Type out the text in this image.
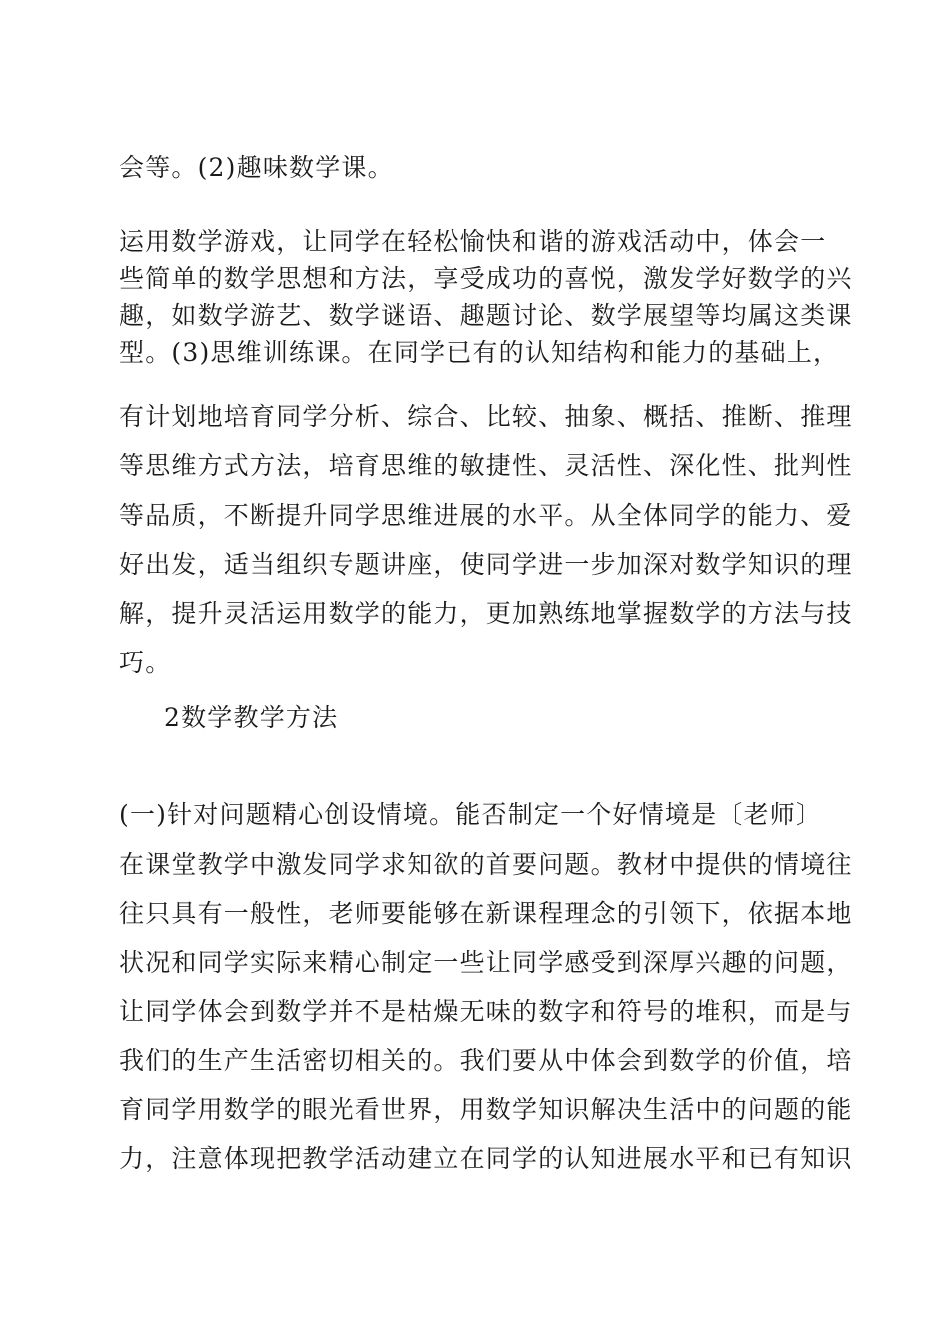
会等。(2)趣味数学课。
运用数学游戏，让同学在轻松愉快和谐的游戏活动中，体会一
些简单的数学思想和方法，享受成功的喜悦，激发学好数学的兴
趣，如数学游艺、数学谜语、趣题讨论、数学展望等均属这类课
型。(3)思维训练课。在同学已有的认知结构和能力的基础上，
有计划地培育同学分析、综合、比较、抽象、概括、推断、推理
等思维方式方法，培育思维的敏捷性、灵活性、深化性、批判性
等品质，不断提升同学思维进展的水平。从全体同学的能力、爱
好出发，适当组织专题讲座，使同学进一步加深对数学知识的理
解，提升灵活运用数学的能力，更加熟练地掌握数学的方法与技
巧。
2数学教学方法
(一)针对问题精心创设情境。能否制定一个好情境是〔老师〕
在课堂教学中激发同学求知欲的首要问题。教材中提供的情境往
往只具有一般性，老师要能够在新课程理念的引领下，依据本地
状况和同学实际来精心制定一些让同学感受到深厚兴趣的问题，
让同学体会到数学并不是枯燥无味的数字和符号的堆积，而是与
我们的生产生活密切相关的。我们要从中体会到数学的价值，培
育同学用数学的眼光看世界，用数学知识解决生活中的问题的能
力，注意体现把教学活动建立在同学的认知进展水平和已有知识
